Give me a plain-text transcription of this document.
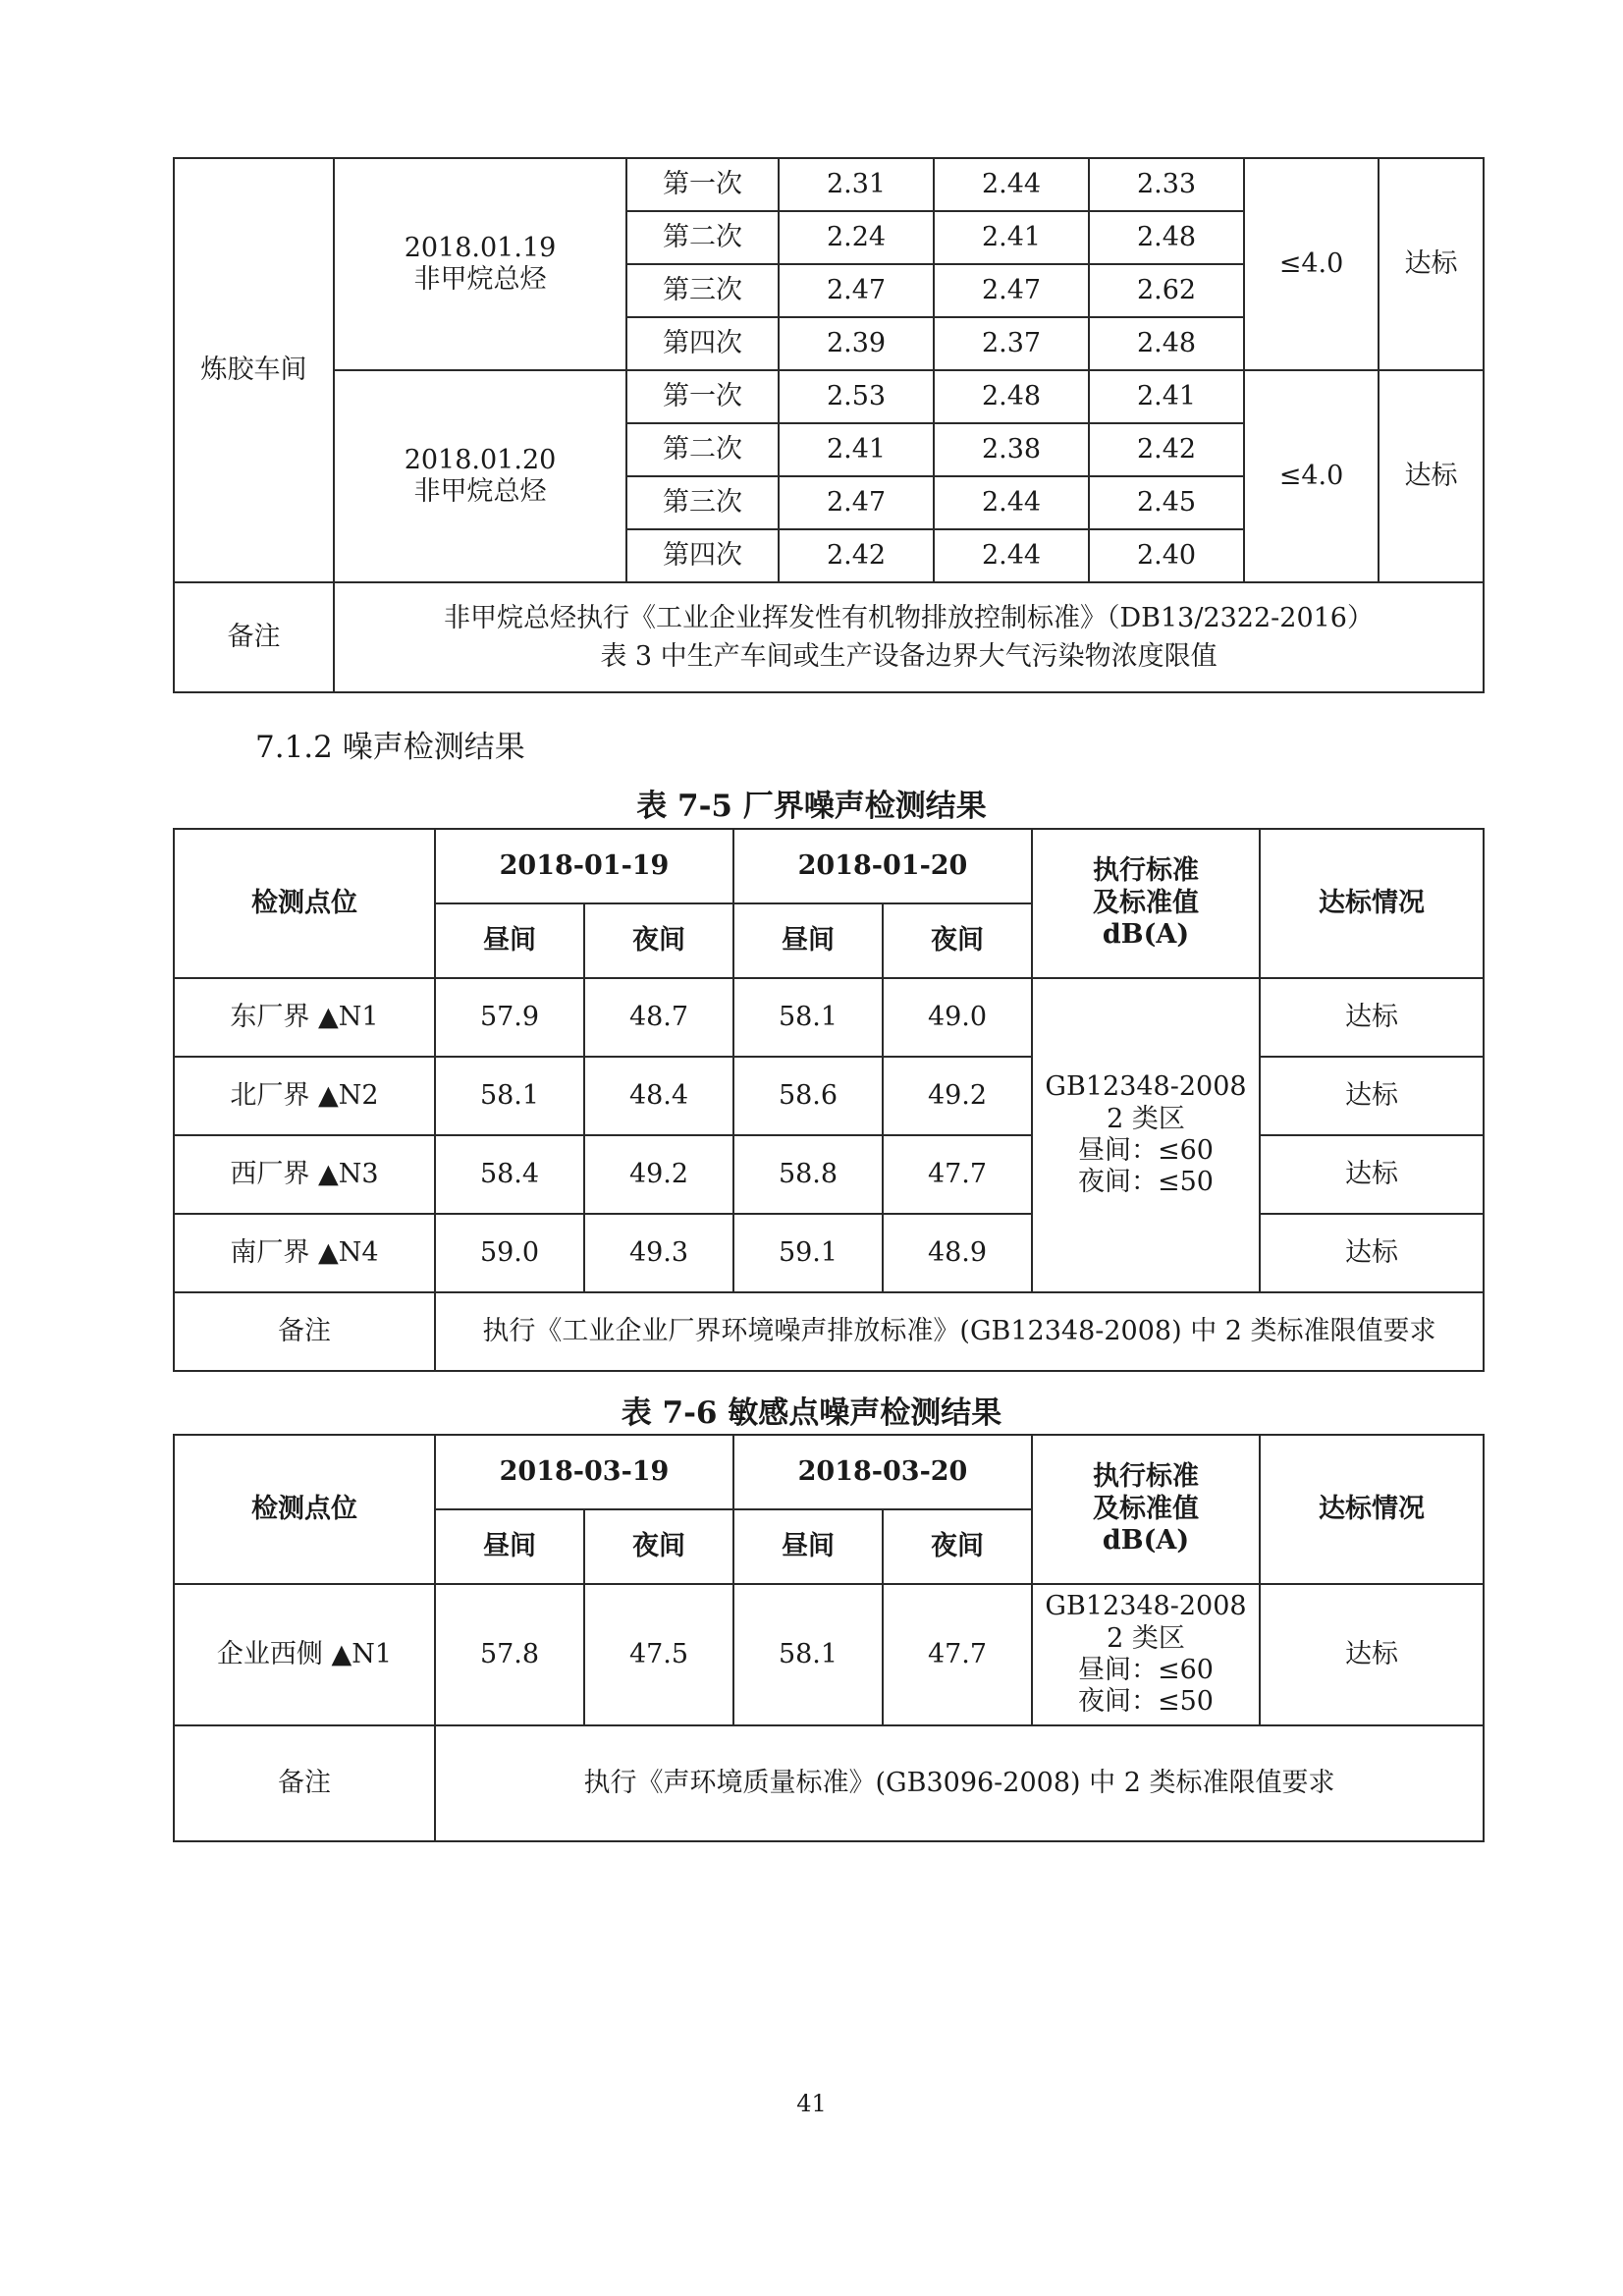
炼胶车间	2018.01.19
非甲烷总烃	第一次	2.31	2.44	2.33	≤4.0	达标
		第二次	2.24	2.41	2.48		
		第三次	2.47	2.47	2.62		
		第四次	2.39	2.37	2.48		

	2018.01.20
非甲烷总烃	第一次	2.53	2.48	2.41	≤4.0	达标
		第二次	2.41	2.38	2.42		
		第三次	2.47	2.44	2.45		
		第四次	2.42	2.44	2.40		
备注	非甲烷总烃执行《工业企业挥发性有机物排放控制标准》（DB13/2322-2016）
表 3 中生产车间或生产设备边界大气污染物浓度限值						
7.1.2 噪声检测结果
表 7-5 厂界噪声检测结果
检测点位	2018-01-19		2018-01-20		执行标准
及标准值
dB(A)	达标情况
	昼间	夜间	昼间	夜间		
东厂界 ▲N1	57.9	48.7	58.1	49.0	GB12348-2008
2 类区
昼间：≤60
夜间：≤50	达标
北厂界 ▲N2	58.1	48.4	58.6	49.2		达标
西厂界 ▲N3	58.4	49.2	58.8	47.7		达标
南厂界 ▲N4	59.0	49.3	59.1	48.9		达标
备注	执行《工业企业厂界环境噪声排放标准》(GB12348-2008) 中 2 类标准限值要求					
表 7-6 敏感点噪声检测结果
检测点位	2018-03-19		2018-03-20		执行标准
及标准值
dB(A)	达标情况
	昼间	夜间	昼间	夜间		
企业西侧 ▲N1	57.8	47.5	58.1	47.7	GB12348-2008
2 类区
昼间：≤60
夜间：≤50	达标
备注	执行《声环境质量标准》(GB3096-2008) 中 2 类标准限值要求					
41
